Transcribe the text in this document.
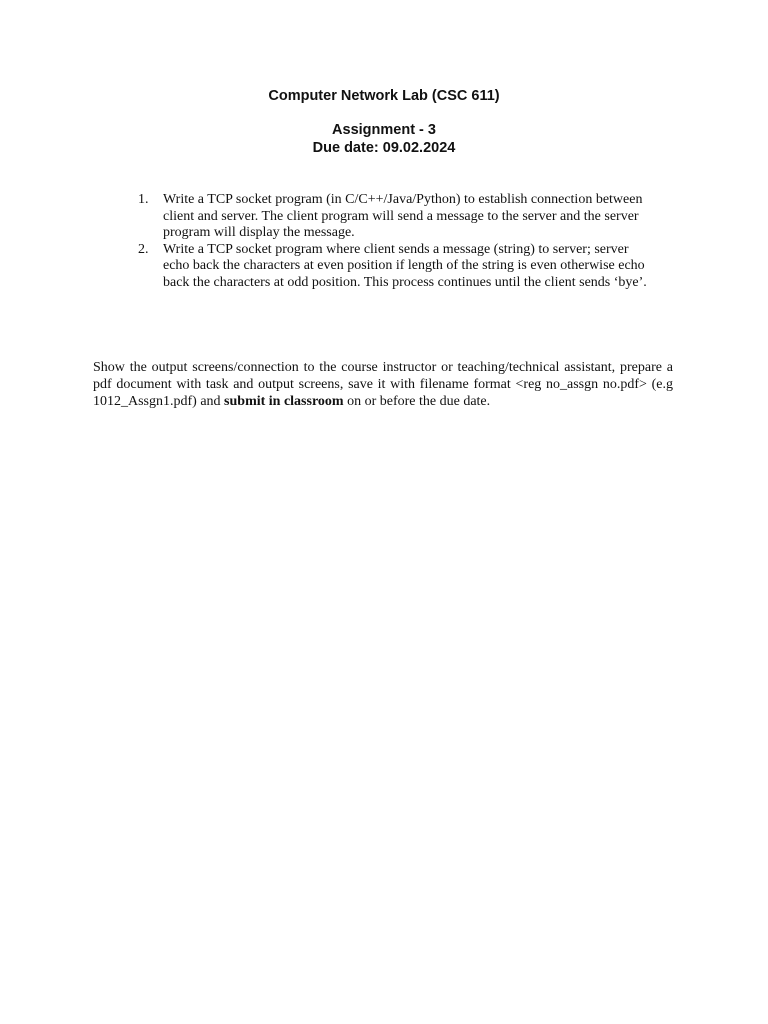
Computer Network Lab (CSC 611)
Assignment - 3
Due date: 09.02.2024
1. Write a TCP socket program (in C/C++/Java/Python) to establish connection between client and server. The client program will send a message to the server and the server program will display the message.
2. Write a TCP socket program where client sends a message (string) to server; server echo back the characters at even position if length of the string is even otherwise echo back the characters at odd position. This process continues until the client sends ‘bye’.

Show the output screens/connection to the course instructor or teaching/technical assistant, prepare a pdf document with task and output screens, save it with filename format <reg no_assgn no.pdf> (e.g 1012_Assgn1.pdf) and submit in classroom on or before the due date.
